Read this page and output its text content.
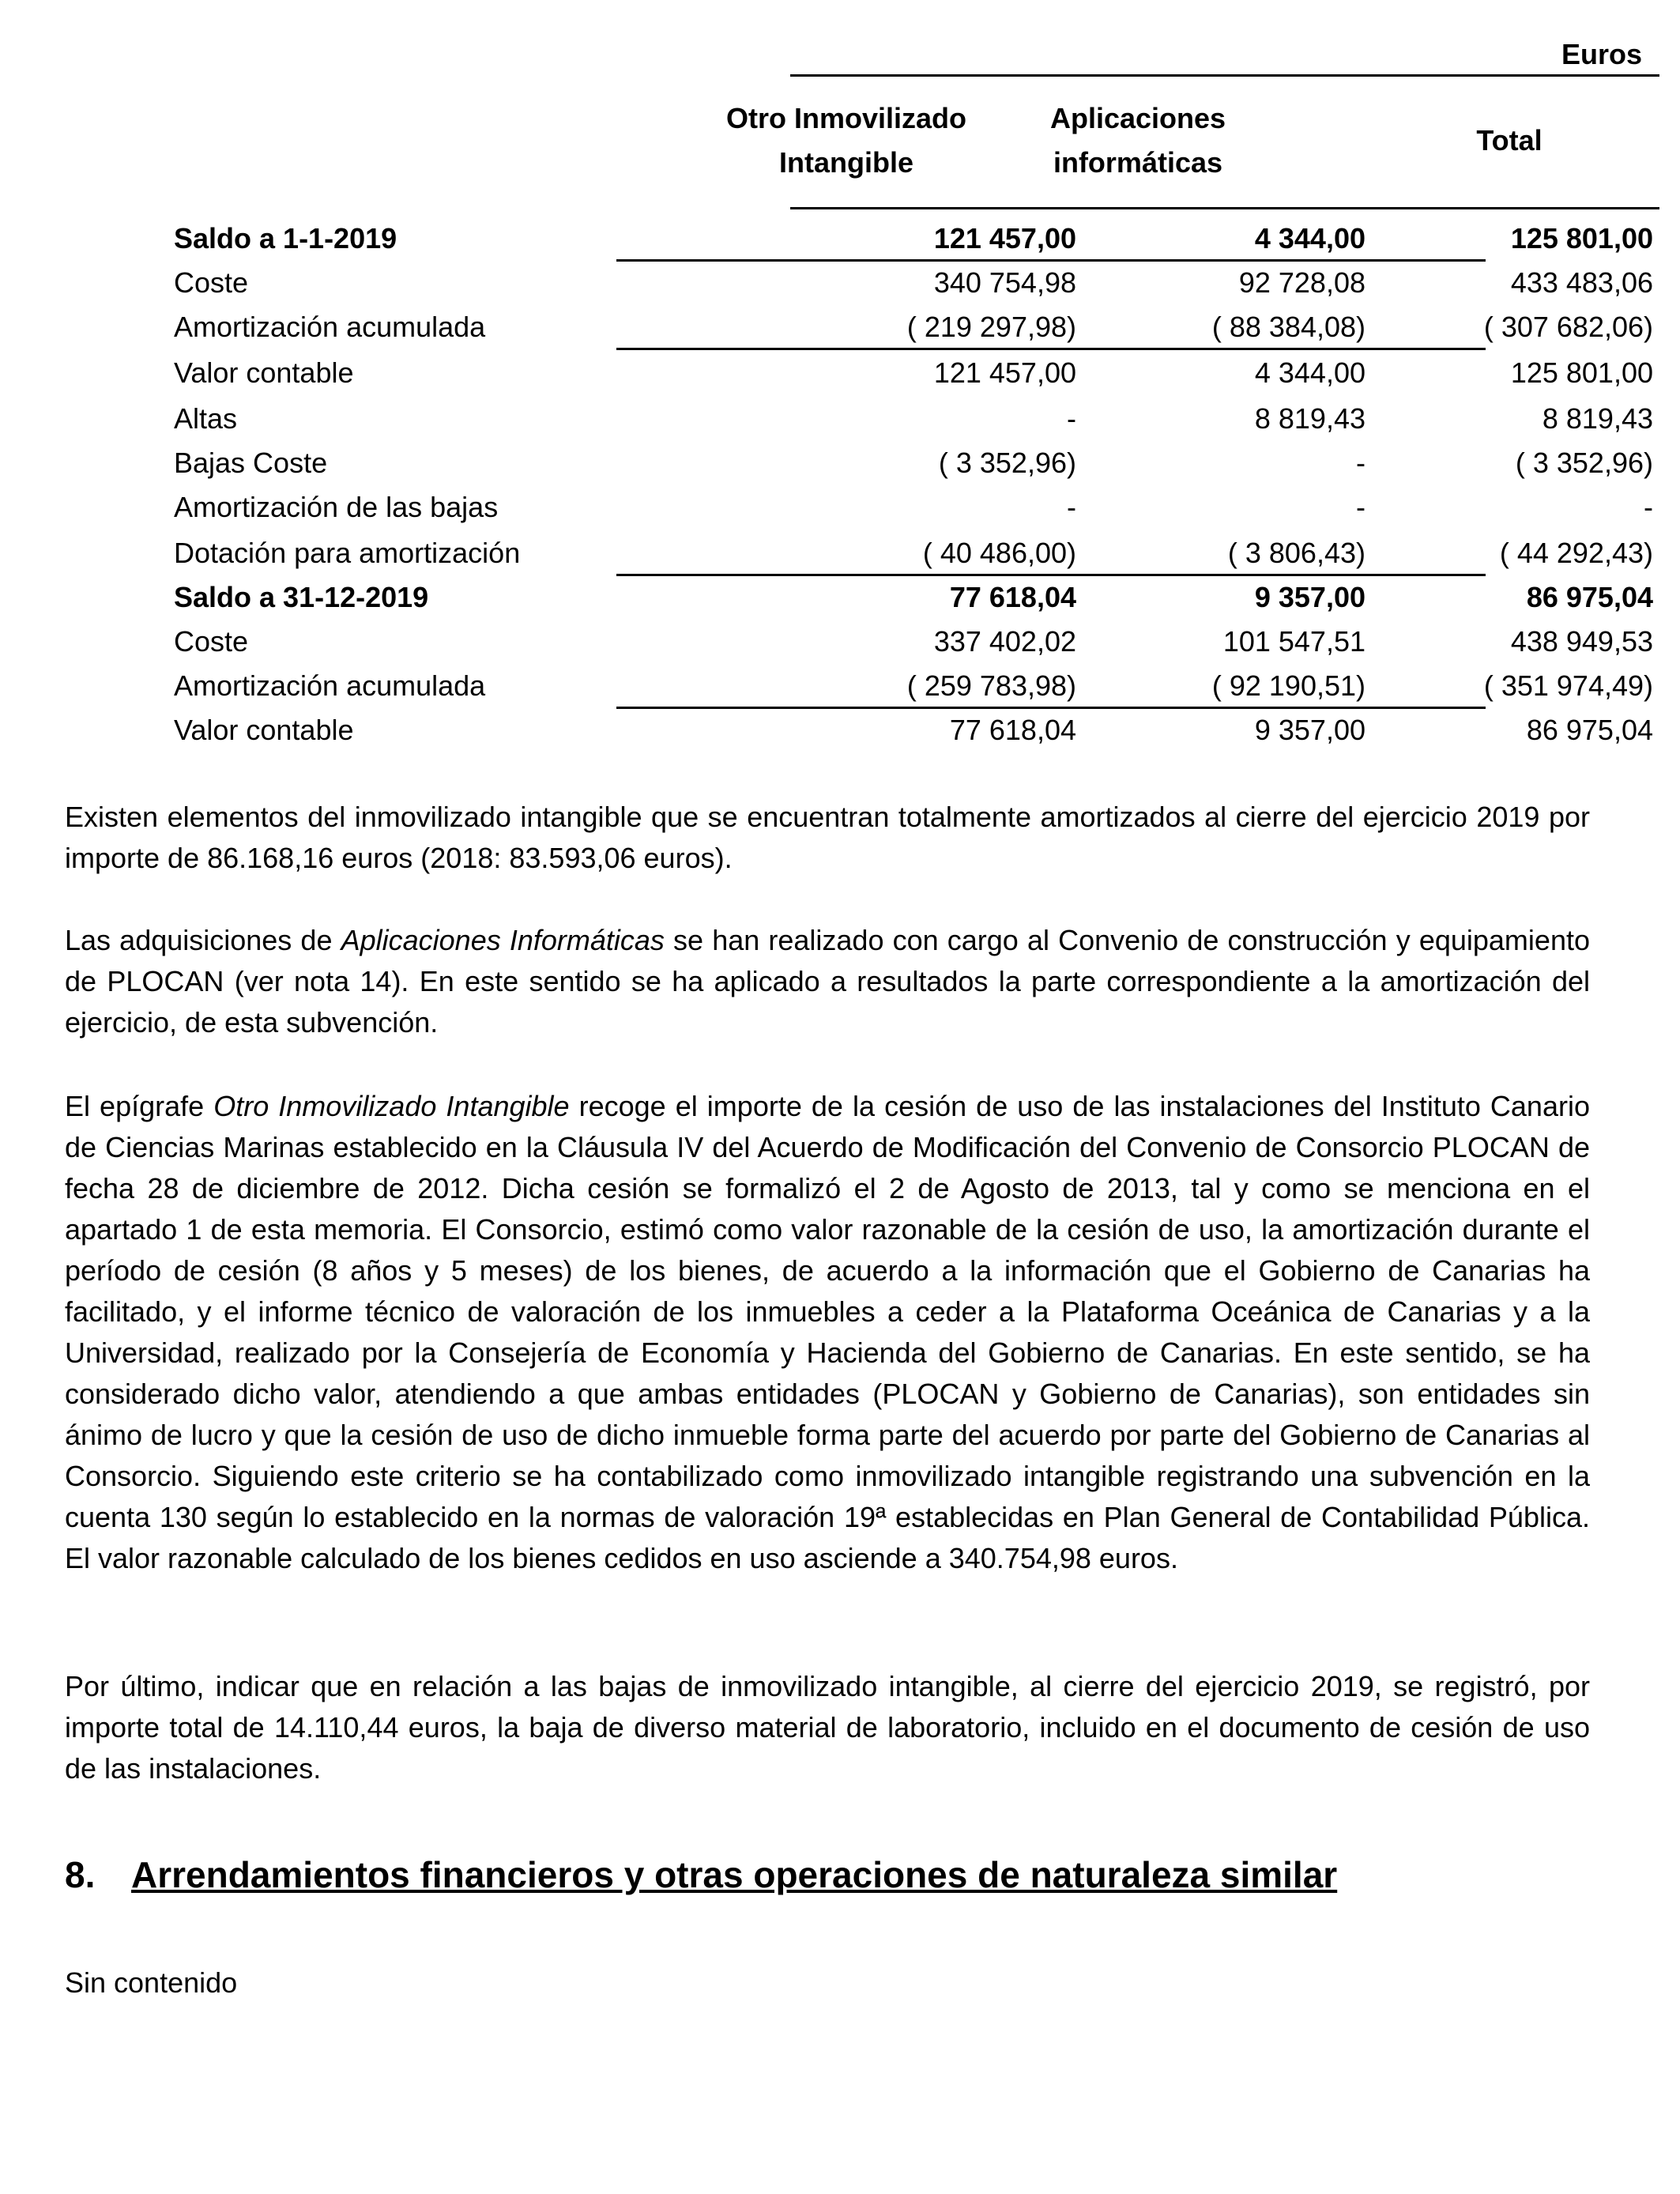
Euros
Otro Inmovilizado
Intangible
Aplicaciones
informáticas
Total
Saldo a 1-1-2019	121 457,00	4 344,00	125 801,00
Coste	340 754,98	92 728,08	433 483,06
Amortización acumulada	( 219 297,98)	( 88 384,08)	( 307 682,06)
Valor contable	121 457,00	4 344,00	125 801,00
Altas	-	8 819,43	8 819,43
Bajas Coste	( 3 352,96)	-	( 3 352,96)
Amortización de las bajas	-	-	-
Dotación para amortización	( 40 486,00)	( 3 806,43)	( 44 292,43)
Saldo a 31-12-2019	77 618,04	9 357,00	86 975,04
Coste	337 402,02	101 547,51	438 949,53
Amortización acumulada	( 259 783,98)	( 92 190,51)	( 351 974,49)
Valor contable	77 618,04	9 357,00	86 975,04
Existen elementos del inmovilizado intangible que se encuentran totalmente amortizados al cierre del ejercicio 2019 por importe de 86.168,16 euros (2018: 83.593,06 euros).
Las adquisiciones de Aplicaciones Informáticas se han realizado con cargo al Convenio de construcción y equipamiento de PLOCAN (ver nota 14). En este sentido se ha aplicado a resultados la parte correspondiente a la amortización del ejercicio, de esta subvención.
El epígrafe Otro Inmovilizado Intangible recoge el importe de la cesión de uso de las instalaciones del Instituto Canario de Ciencias Marinas establecido en la Cláusula IV del Acuerdo de Modificación del Convenio de Consorcio PLOCAN de fecha 28 de diciembre de 2012. Dicha cesión se formalizó el 2 de Agosto de 2013, tal y como se menciona en el apartado 1 de esta memoria. El Consorcio, estimó como valor razonable de la cesión de uso, la amortización durante el período de cesión (8 años y 5 meses) de los bienes, de acuerdo a la información que el Gobierno de Canarias ha facilitado, y el informe técnico de valoración de los inmuebles a ceder a la Plataforma Oceánica de Canarias y a la Universidad, realizado por la Consejería de Economía y Hacienda del Gobierno de Canarias. En este sentido, se ha considerado dicho valor, atendiendo a que ambas entidades (PLOCAN y Gobierno de Canarias), son entidades sin ánimo de lucro y que la cesión de uso de dicho inmueble forma parte del acuerdo por parte del Gobierno de Canarias al Consorcio. Siguiendo este criterio se ha contabilizado como inmovilizado intangible registrando una subvención en la cuenta 130 según lo establecido en la normas de valoración 19ª establecidas en Plan General de Contabilidad Pública. El valor razonable calculado de los bienes cedidos en uso asciende a 340.754,98 euros.
Por último, indicar que en relación a las bajas de inmovilizado intangible, al cierre del ejercicio 2019, se registró, por importe total de 14.110,44 euros, la baja de diverso material de laboratorio, incluido en el documento de cesión de uso de las instalaciones.
8. Arrendamientos financieros y otras operaciones de naturaleza similar
Sin contenido
